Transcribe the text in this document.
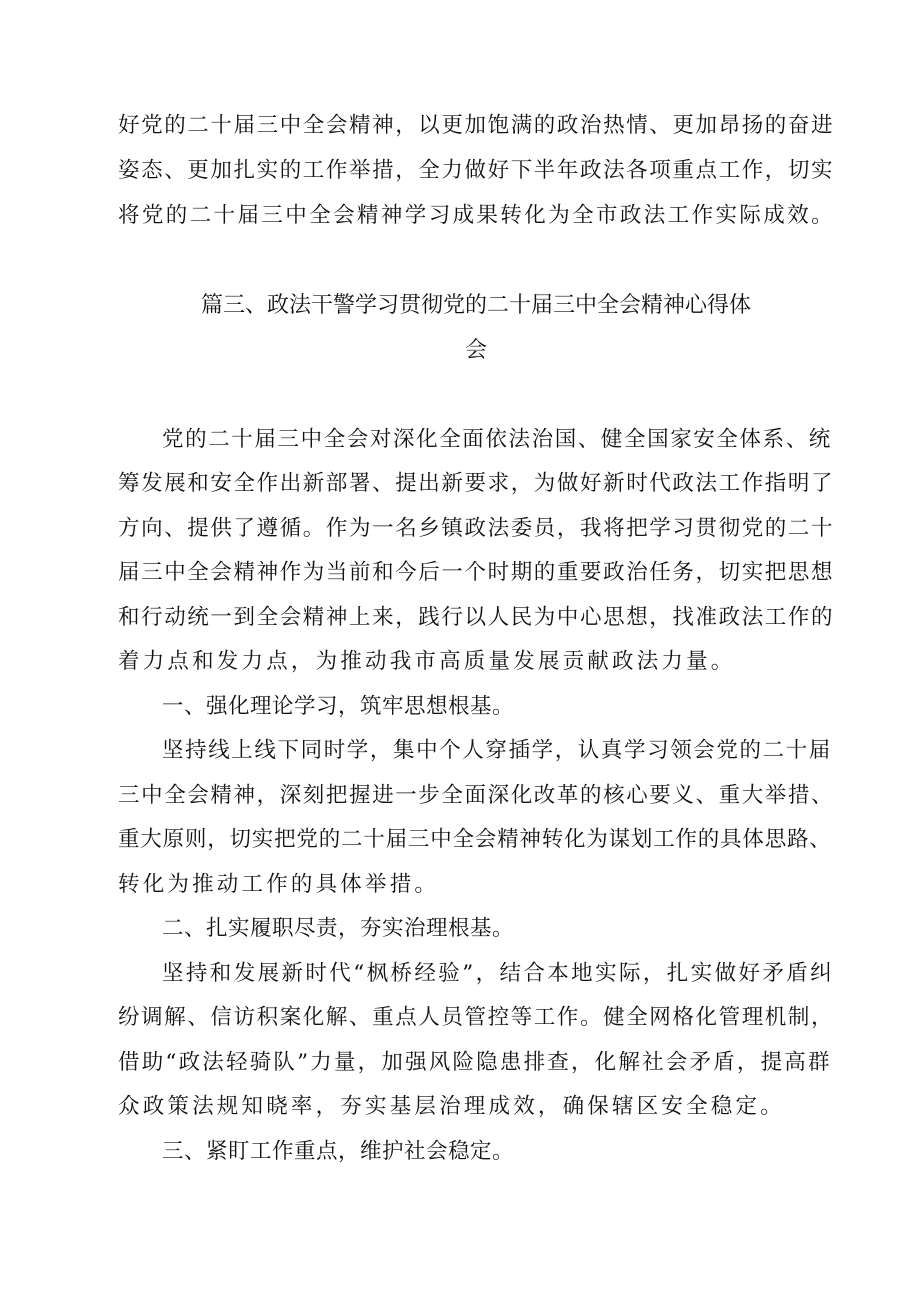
好党的二十届三中全会精神，以更加饱满的政治热情、更加昂扬的奋进
姿态、更加扎实的工作举措，全力做好下半年政法各项重点工作，切实
将党的二十届三中全会精神学习成果转化为全市政法工作实际成效。
篇三、政法干警学习贯彻党的二十届三中全会精神心得体
会
党的二十届三中全会对深化全面依法治国、健全国家安全体系、统
筹发展和安全作出新部署、提出新要求，为做好新时代政法工作指明了
方向、提供了遵循。作为一名乡镇政法委员，我将把学习贯彻党的二十
届三中全会精神作为当前和今后一个时期的重要政治任务，切实把思想
和行动统一到全会精神上来，践行以人民为中心思想，找准政法工作的
着力点和发力点，为推动我市高质量发展贡献政法力量。
一、强化理论学习，筑牢思想根基。
坚持线上线下同时学，集中个人穿插学，认真学习领会党的二十届
三中全会精神，深刻把握进一步全面深化改革的核心要义、重大举措、
重大原则，切实把党的二十届三中全会精神转化为谋划工作的具体思路、
转化为推动工作的具体举措。
二、扎实履职尽责，夯实治理根基。
坚持和发展新时代“枫桥经验”，结合本地实际，扎实做好矛盾纠
纷调解、信访积案化解、重点人员管控等工作。健全网格化管理机制，
借助“政法轻骑队”力量，加强风险隐患排查，化解社会矛盾，提高群
众政策法规知晓率，夯实基层治理成效，确保辖区安全稳定。
三、紧盯工作重点，维护社会稳定。
